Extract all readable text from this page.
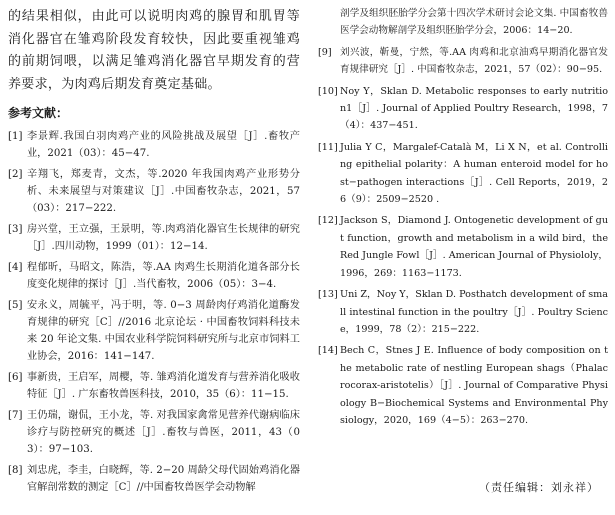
的结果相似，由此可以说明肉鸡的腺胃和肌胃等消化器官在雏鸡阶段发育较快，因此要重视雏鸡的前期饲喂，以满足雏鸡消化器官早期发育的营养要求，为肉鸡后期发育奠定基础。

参考文献：
[1] 李景辉.我国白羽肉鸡产业的风险挑战及展望［J］.畜牧产业，2021（03）：45−47.
[2] 辛翔飞，郑麦青，文杰，等.2020 年我国肉鸡产业形势分析、未来展望与对策建议［J］.中国畜牧杂志，2021，57（03）：217−222.
[3] 房兴堂，王立强，王景明，等.肉鸡消化器官生长规律的研究［J］.四川动物，1999（01）：12−14.
[4] 程郁昕，马昭文，陈浩，等.AA 肉鸡生长期消化道各部分长度变化规律的探讨［J］.当代畜牧，2006（05）：3−4.
[5] 安永义，周毓平，冯于明，等. 0−3 周龄肉仔鸡消化道酶发育规律的研究［C］//2016 北京论坛 · 中国畜牧饲料科技未来 20 年论文集. 中国农业科学院饲料研究所与北京市饲料工业协会，2016：141−147.
[6] 事新贵，王启军，周樱，等. 雏鸡消化道发育与营养消化吸收特征［J］. 广东畜牧兽医科技，2010，35（6）：11−15.
[7] 王仍瑞，谢侃，王小龙，等. 对我国家禽常见营养代谢病临床诊疗与防控研究的概述［J］.畜牧与兽医，2011，43（03）：97−103.
[8] 刘忠虎，李圭，白晓辉，等. 2−20 周龄父母代固始鸡消化器官解剖常数的测定［C］//中国畜牧兽医学会动物解
剖学及组织胚胎学分会第十四次学术研讨会论文集. 中国畜牧兽医学会动物解剖学及组织胚胎学分会，2006：14−20.
[9] 刘兴波，靳曼，宁然，等.AA 肉鸡和北京油鸡早期消化器官发育规律研究［J］. 中国畜牧杂志，2021，57（02）：90−95.
[10] Noy Y，Sklan D. Metabolic responses to early nutrition1［J］. Journal of Applied Poultry Research，1998，7（4）：437−451.
[11] Julia Y C，Margalef-Català M，Li X N，et al. Controlling epithelial polarity：A human enteroid model for host−pathogen interactions［J］. Cell Reports，2019，26（9）：2509−2520 .
[12] Jackson S，Diamond J. Ontogenetic development of gut function，growth and metabolism in a wild bird，the Red Jungle Fowl［J］. American Journal of Physiololy，1996，269：1163−1173.
[13] Uni Z，Noy Y，Sklan D. Posthatch development of small intestinal function in the poultry［J］. Poultry Science，1999，78（2）：215−222.
[14] Bech C，Stnes J E. Influence of body composition on the metabolic rate of nestling European shags（Phalacrocorax-aristotelis）［J］. Journal of Comparative Physiology B−Biochemical Systems and Environmental Physiology，2020，169（4−5）：263−270.
（责任编辑：刘永祥）
